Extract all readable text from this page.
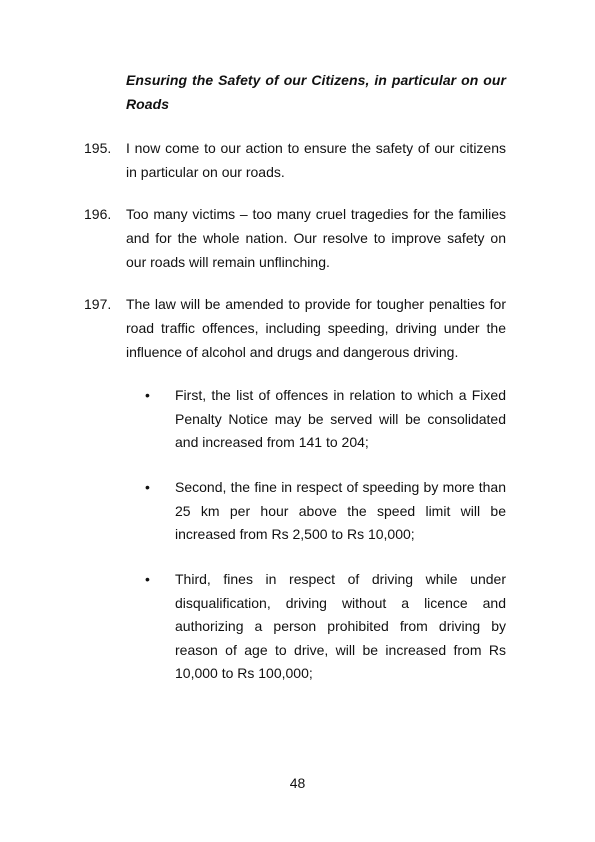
Ensuring the Safety of our Citizens, in particular on our Roads
195. I now come to our action to ensure the safety of our citizens in particular on our roads.
196. Too many victims – too many cruel tragedies for the families and for the whole nation. Our resolve to improve safety on our roads will remain unflinching.
197. The law will be amended to provide for tougher penalties for road traffic offences, including speeding, driving under the influence of alcohol and drugs and dangerous driving.
•	First, the list of offences in relation to which a Fixed Penalty Notice may be served will be consolidated and increased from 141 to 204;
•	Second, the fine in respect of speeding by more than 25 km per hour above the speed limit will be increased from Rs 2,500 to Rs 10,000;
•	Third, fines in respect of driving while under disqualification, driving without a licence and authorizing a person prohibited from driving by reason of age to drive, will be increased from Rs 10,000 to Rs 100,000;
48
